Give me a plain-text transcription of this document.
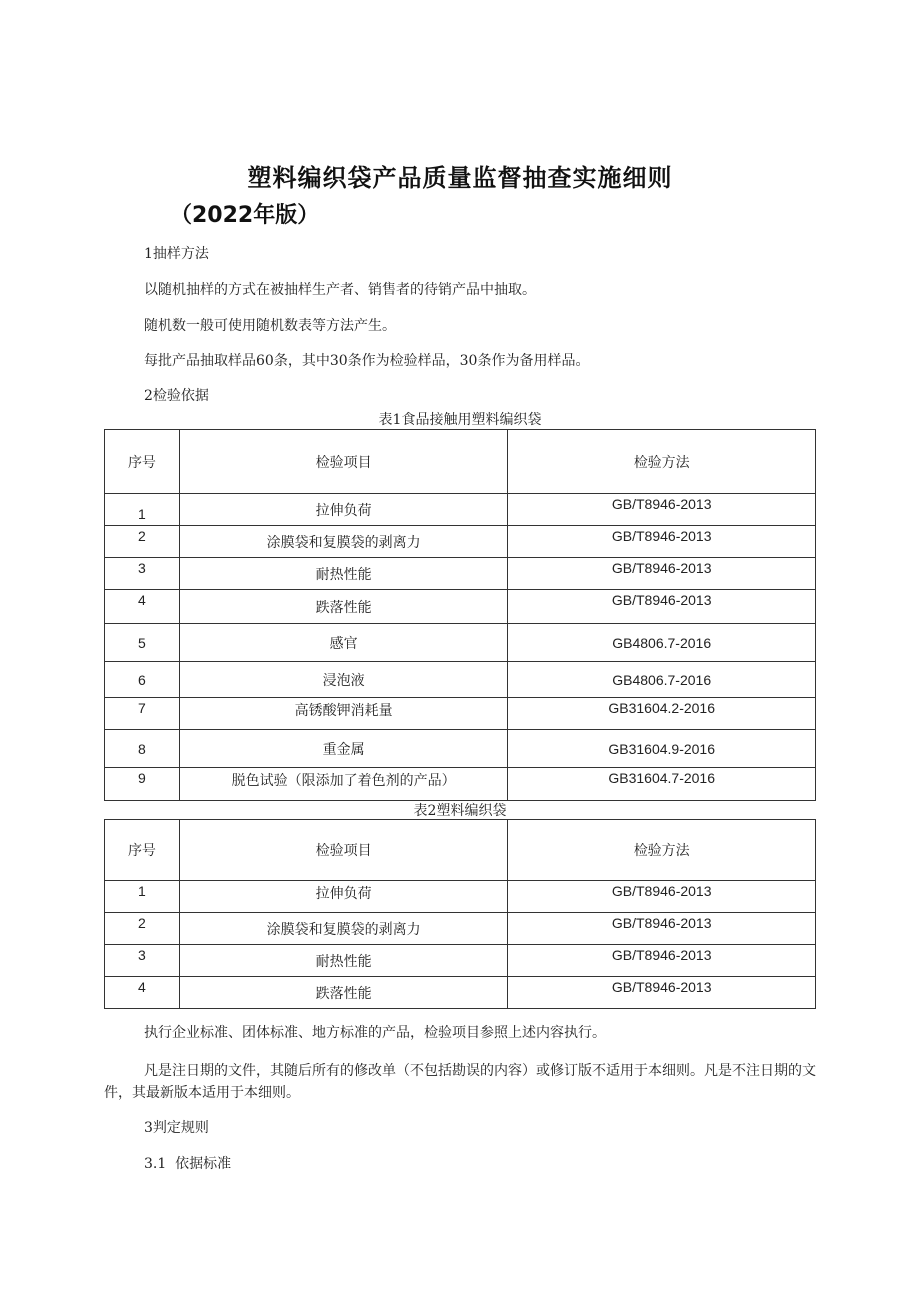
塑料编织袋产品质量监督抽查实施细则
（2022年版）
1抽样方法
以随机抽样的方式在被抽样生产者、销售者的待销产品中抽取。
随机数一般可使用随机数表等方法产生。
每批产品抽取样品60条，其中30条作为检验样品，30条作为备用样品。
2检验依据
表1食品接触用塑料编织袋
序号	检验项目	检验方法
1	拉伸负荷	GB/T8946-2013
2	涂膜袋和复膜袋的剥离力	GB/T8946-2013
3	耐热性能	GB/T8946-2013
4	跌落性能	GB/T8946-2013
5	感官	GB4806.7-2016
6	浸泡液	GB4806.7-2016
7	高锈酸钾消耗量	GB31604.2-2016
8	重金属	GB31604.9-2016
9	脱色试验（限添加了着色剂的产品）	GB31604.7-2016
表2塑料编织袋
序号	检验项目	检验方法
1	拉伸负荷	GB/T8946-2013
2	涂膜袋和复膜袋的剥离力	GB/T8946-2013
3	耐热性能	GB/T8946-2013
4	跌落性能	GB/T8946-2013
执行企业标准、团体标准、地方标准的产品，检验项目参照上述内容执行。
凡是注日期的文件，其随后所有的修改单（不包括勘误的内容）或修订版不适用于本细则。凡是不注日期的文件，其最新版本适用于本细则。
3判定规则
3.1  依据标准
